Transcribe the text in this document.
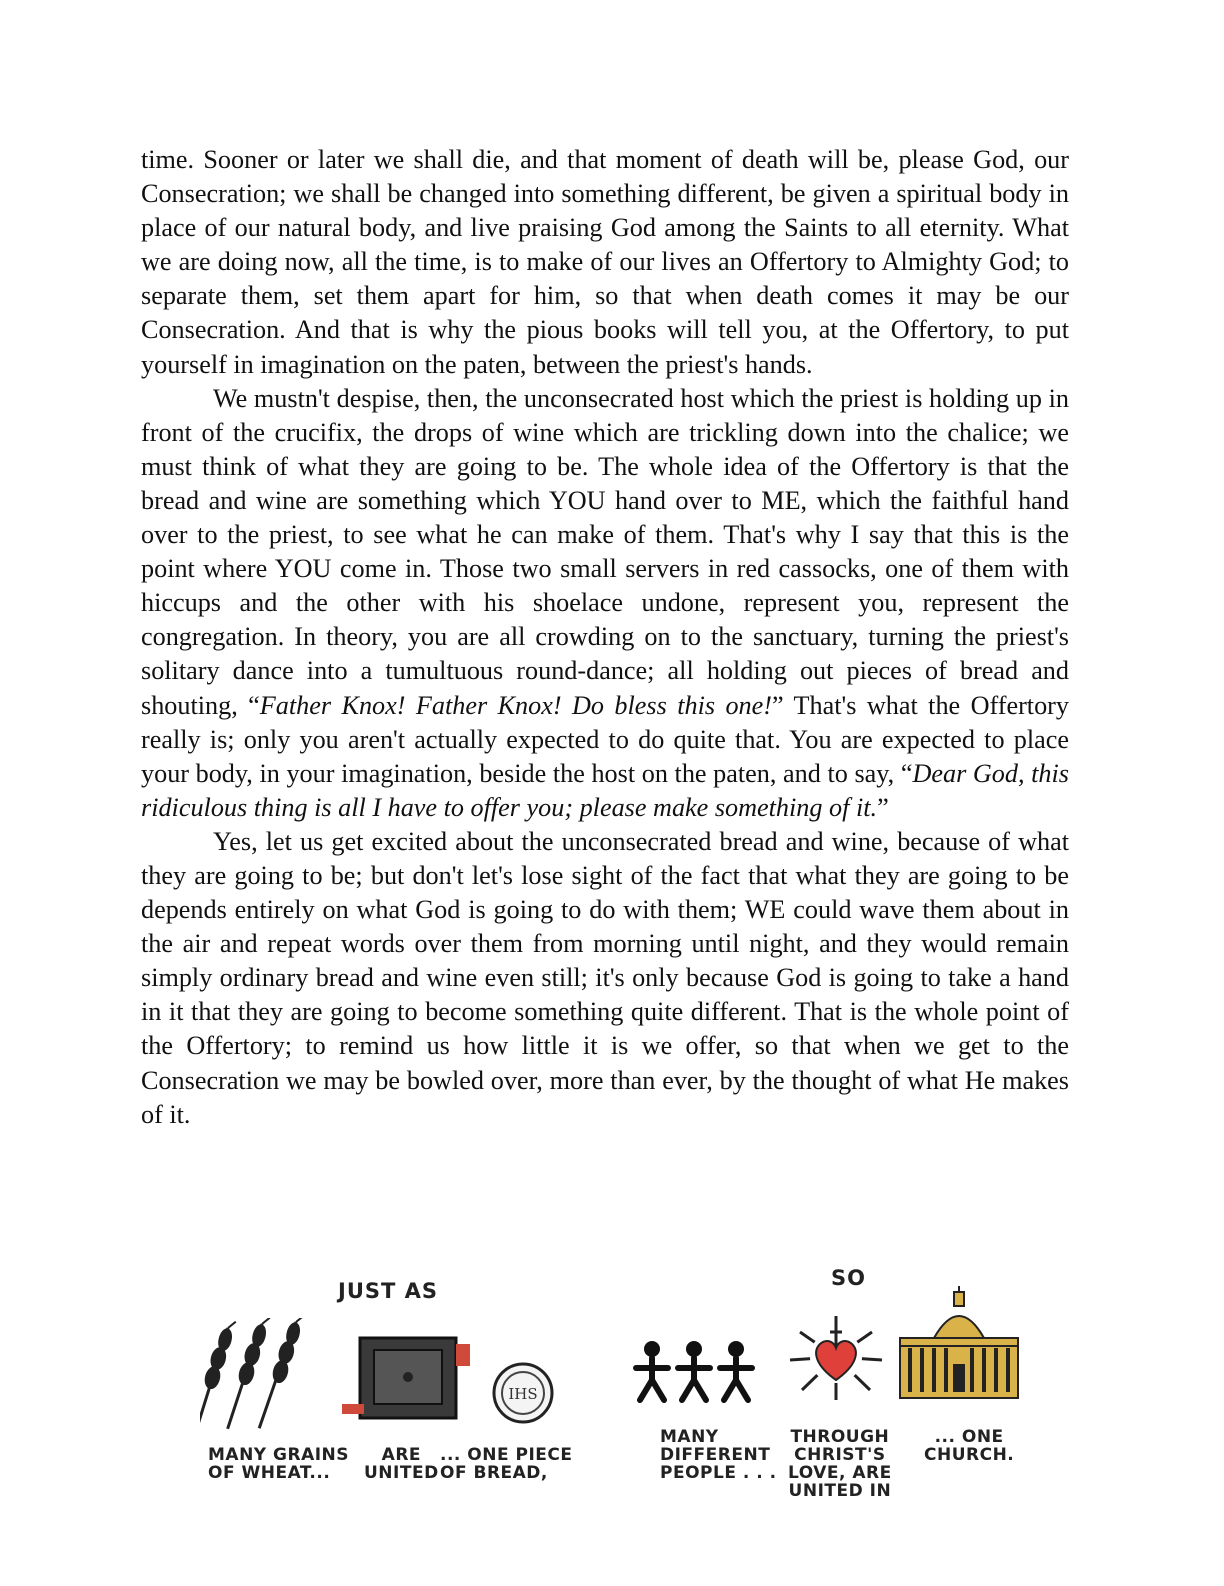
time. Sooner or later we shall die, and that moment of death will be, please God, our Consecration; we shall be changed into something different, be given a spiritual body in place of our natural body, and live praising God among the Saints to all eternity. What we are doing now, all the time, is to make of our lives an Offertory to Almighty God; to separate them, set them apart for him, so that when death comes it may be our Consecration. And that is why the pious books will tell you, at the Offertory, to put yourself in imagination on the paten, between the priest's hands.

We mustn't despise, then, the unconsecrated host which the priest is holding up in front of the crucifix, the drops of wine which are trickling down into the chalice; we must think of what they are going to be. The whole idea of the Offertory is that the bread and wine are something which YOU hand over to ME, which the faithful hand over to the priest, to see what he can make of them. That's why I say that this is the point where YOU come in. Those two small servers in red cassocks, one of them with hiccups and the other with his shoelace undone, represent you, represent the congregation. In theory, you are all crowding on to the sanctuary, turning the priest's solitary dance into a tumultuous round-dance; all holding out pieces of bread and shouting, “Father Knox! Father Knox! Do bless this one!” That's what the Offertory really is; only you aren't actually expected to do quite that. You are expected to place your body, in your imagination, beside the host on the paten, and to say, “Dear God, this ridiculous thing is all I have to offer you; please make something of it.”

Yes, let us get excited about the unconsecrated bread and wine, because of what they are going to be; but don't let's lose sight of the fact that what they are going to be depends entirely on what God is going to do with them; WE could wave them about in the air and repeat words over them from morning until night, and they would remain simply ordinary bread and wine even still; it's only because God is going to take a hand in it that they are going to become something quite different. That is the whole point of the Offertory; to remind us how little it is we offer, so that when we get to the Consecration we may be bowled over, more than ever, by the thought of what He makes of it.

JUST AS
SO
IHS
MANY GRAINS
OF WHEAT...
ARE
UNITED
... ONE PIECE
OF BREAD,
MANY
DIFFERENT
PEOPLE . . .
THROUGH
CHRIST'S
LOVE, ARE
UNITED IN
... ONE
CHURCH.
